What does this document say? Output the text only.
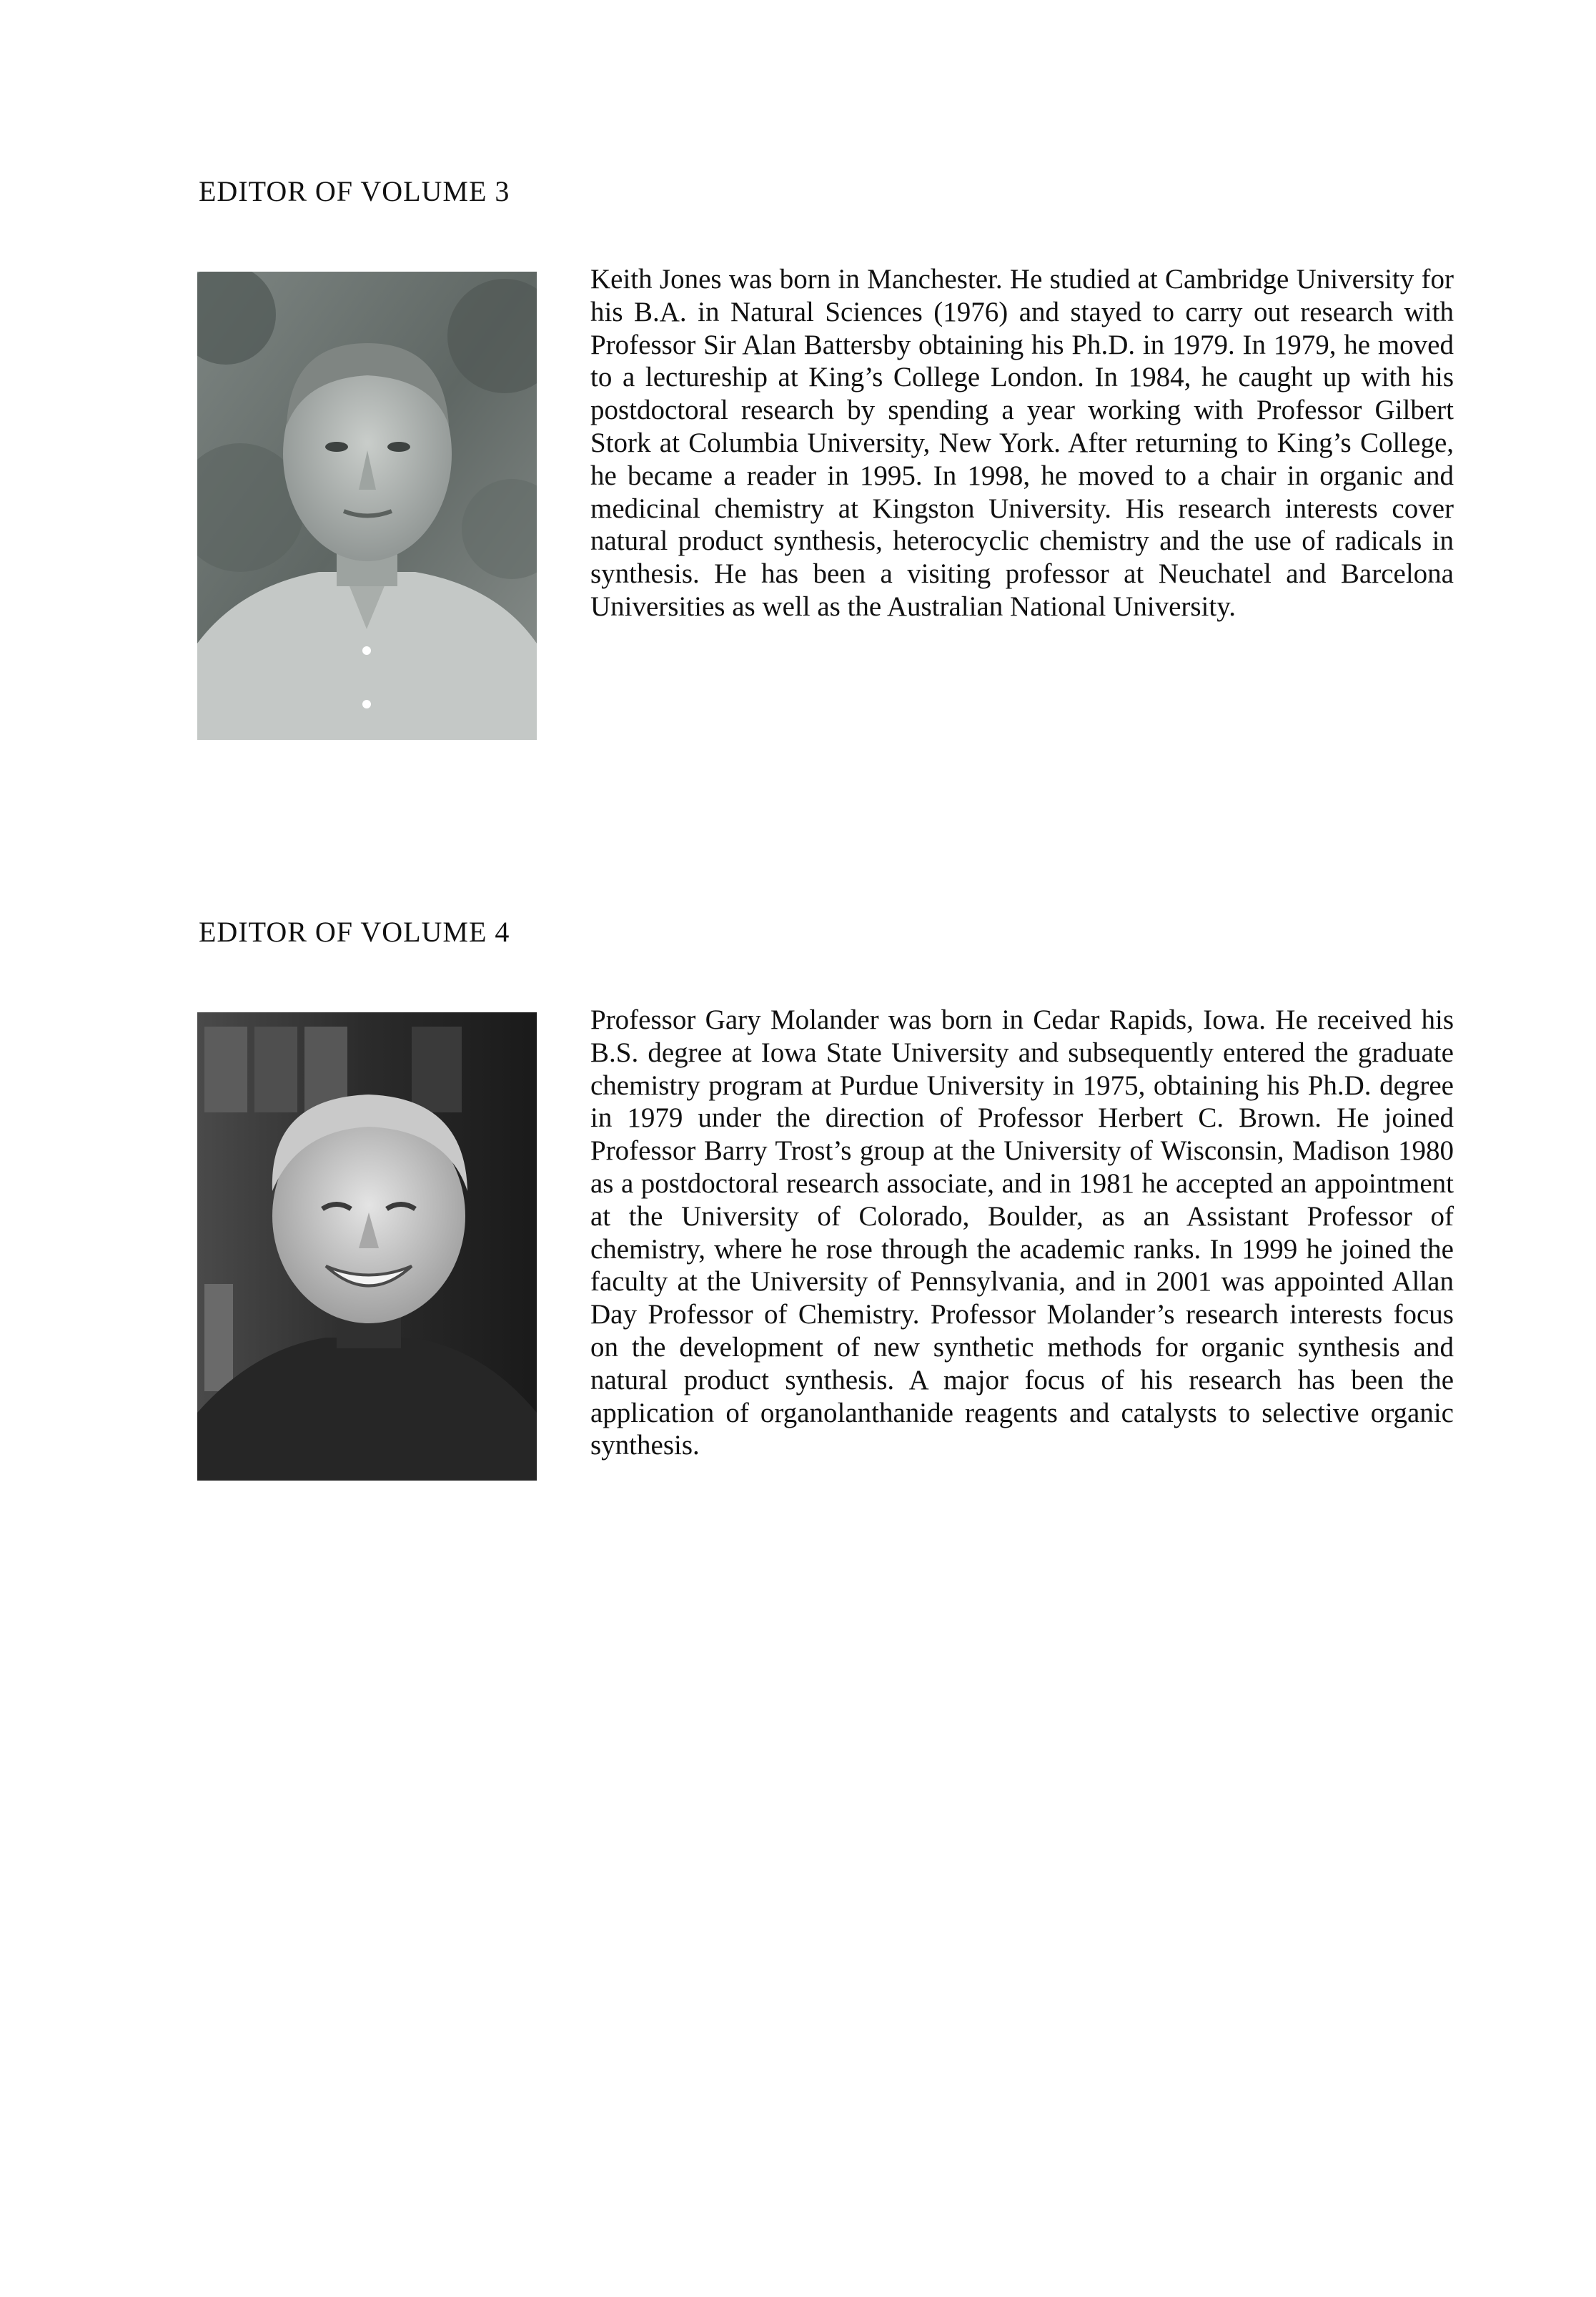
EDITOR OF VOLUME 3

Keith Jones was born in Manchester. He studied at Cambridge University for his B.A. in Natural Sciences (1976) and stayed to carry out research with Professor Sir Alan Battersby obtaining his Ph.D. in 1979. In 1979, he moved to a lectureship at King’s College London. In 1984, he caught up with his postdoctoral research by spending a year working with Professor Gilbert Stork at Columbia University, New York. After returning to King’s College, he became a reader in 1995. In 1998, he moved to a chair in organic and medicinal chemistry at Kingston University. His research interests cover natural product synthesis, heterocyclic chemistry and the use of radicals in synthesis. He has been a visiting professor at Neuchatel and Barcelona Universities as well as the Australian National University.

EDITOR OF VOLUME 4

Professor Gary Molander was born in Cedar Rapids, Iowa. He received his B.S. degree at Iowa State University and subsequently entered the graduate chemistry program at Purdue University in 1975, obtaining his Ph.D. degree in 1979 under the direction of Professor Herbert C. Brown. He joined Professor Barry Trost’s group at the University of Wisconsin, Madison 1980 as a postdoctoral research associate, and in 1981 he accepted an appointment at the University of Colorado, Boulder, as an Assistant Professor of chemistry, where he rose through the academic ranks. In 1999 he joined the faculty at the University of Pennsylvania, and in 2001 was appointed Allan Day Professor of Chemistry. Professor Molander’s research interests focus on the development of new synthetic methods for organic synthesis and natural product synthesis. A major focus of his research has been the application of organolanthanide reagents and catalysts to selective organic synthesis.
